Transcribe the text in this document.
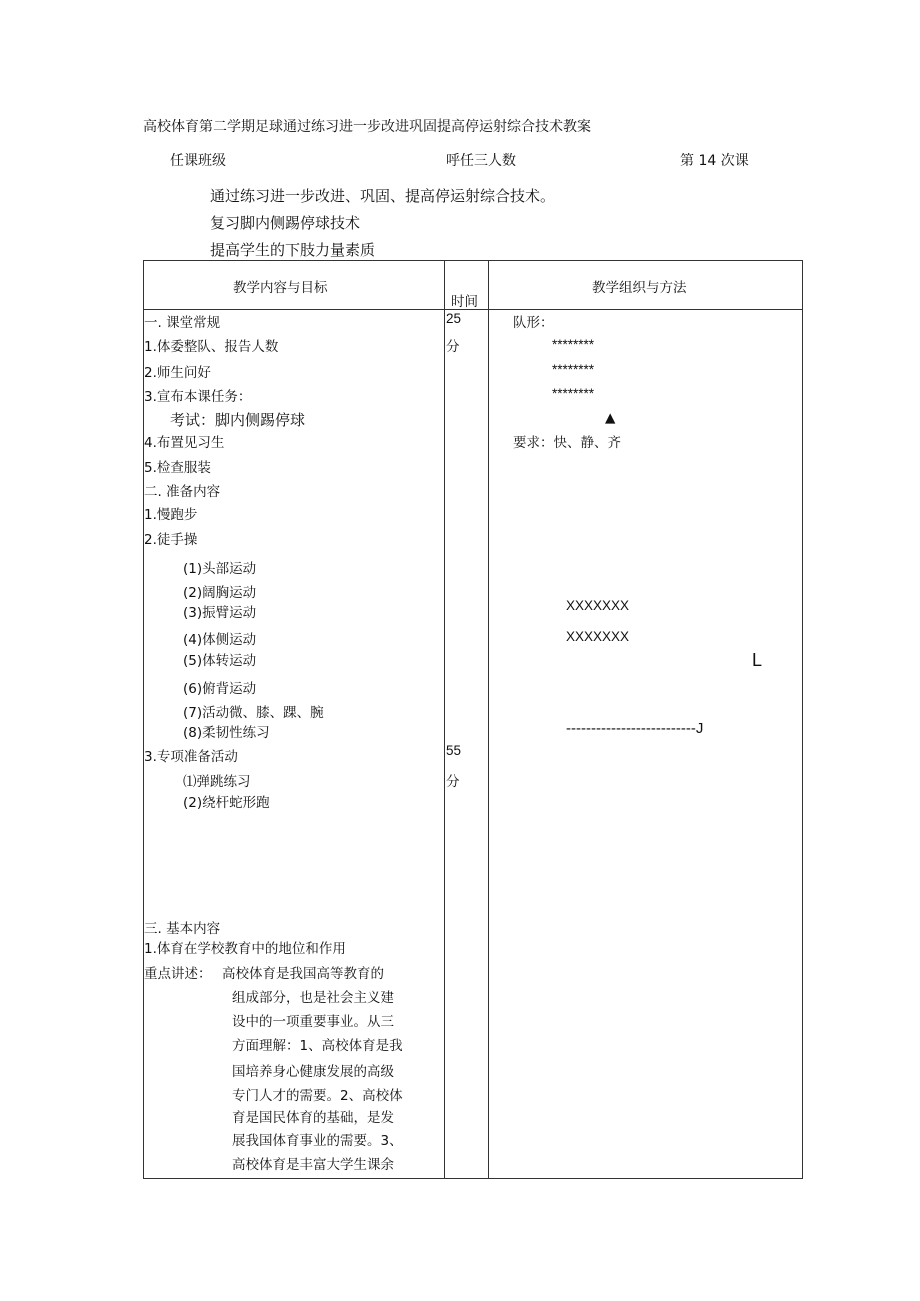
高校体育第二学期足球通过练习进一步改进巩固提高停运射综合技术教案
任课班级	呼任三人数	第 14 次课
通过练习进一步改进、巩固、提高停运射综合技术。
复习脚内侧踢停球技术
提高学生的下肢力量素质
教学内容与目标
时间
教学组织与方法
一. 课堂常规
1.体委整队、报告人数
2.师生问好
3.宣布本课任务：
考试：脚内侧踢停球
4.布置见习生
5.检查服装
二. 准备内容
1.慢跑步
2.徒手操
(1)头部运动
(2)阔胸运动
(3)振臂运动
(4)体侧运动
(5)体转运动
(6)俯背运动
(7)活动微、膝、踝、腕
(8)柔韧性练习
3.专项准备活动
⑴弹跳练习
(2)绕杆蛇形跑
三. 基本内容
1.体育在学校教育中的地位和作用
重点讲述： 高校体育是我国高等教育的
组成部分，也是社会主义建
设中的一项重要事业。从三
方面理解：1、高校体育是我
国培养身心健康发展的高级
专门人才的需要。2、高校体
育是国民体育的基础，是发
展我国体育事业的需要。3、
高校体育是丰富大学生课余
25
分
55
分
队形：
********
********
********
▲
要求：快、静、齐
XXXXXXX
XXXXXXX
L
--------------------------J
